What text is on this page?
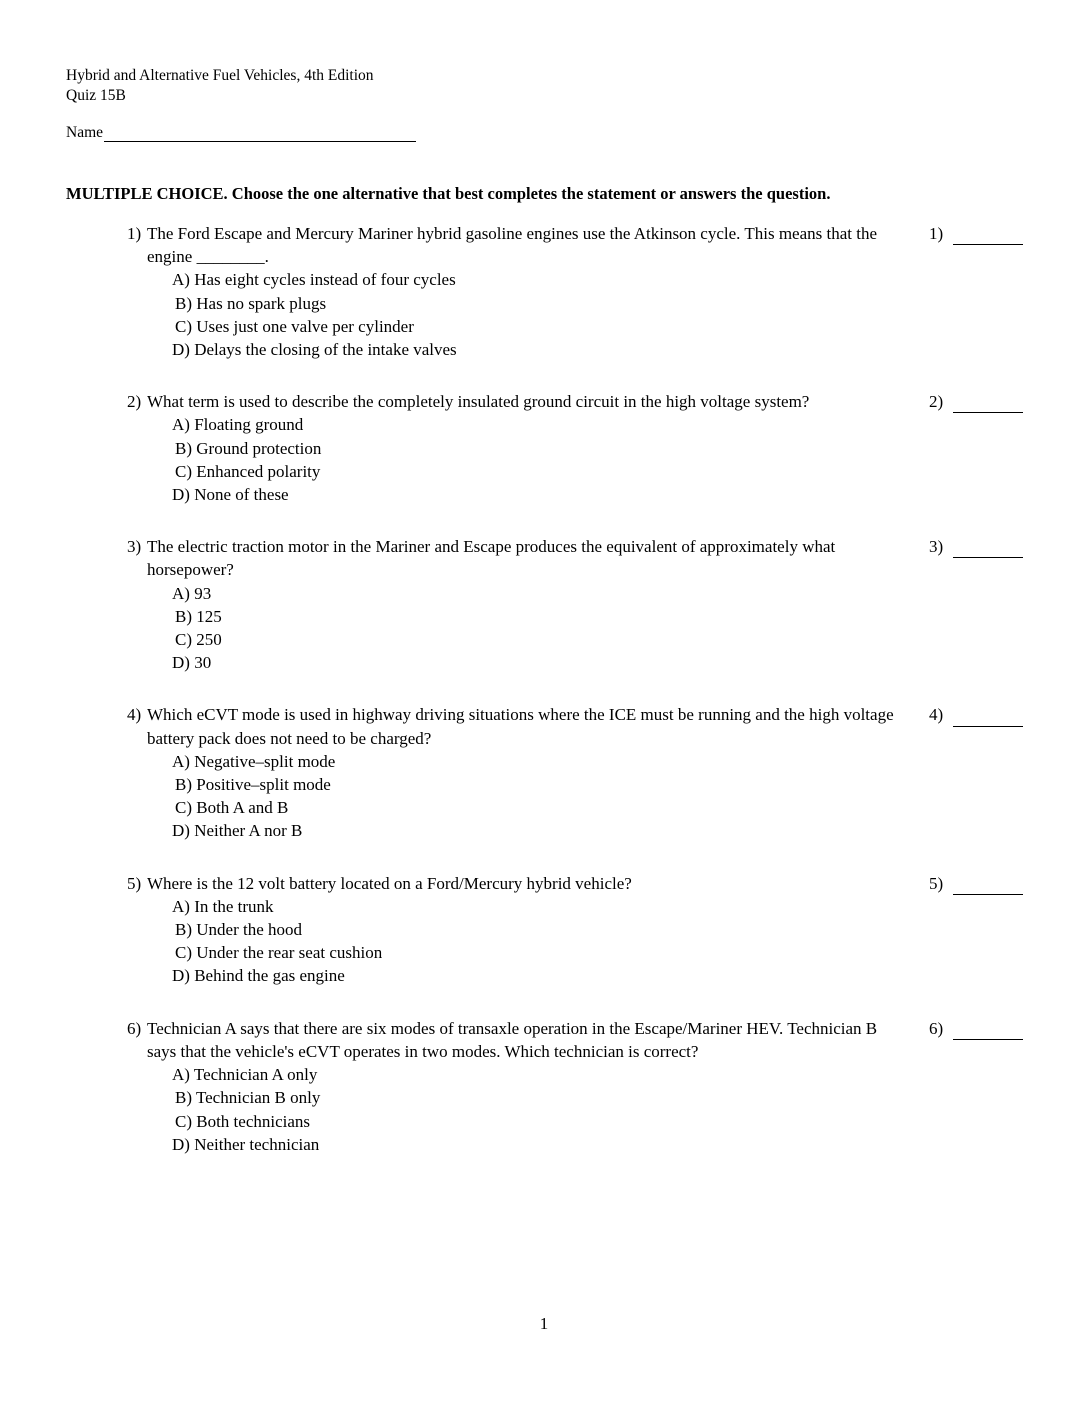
Hybrid and Alternative Fuel Vehicles, 4th Edition
Quiz 15B
Name
MULTIPLE CHOICE. Choose the one alternative that best completes the statement or answers the question.
1) The Ford Escape and Mercury Mariner hybrid gasoline engines use the Atkinson cycle. This means that the engine ________.
A) Has eight cycles instead of four cycles
B) Has no spark plugs
C) Uses just one valve per cylinder
D) Delays the closing of the intake valves
1)
2) What term is used to describe the completely insulated ground circuit in the high voltage system?
A) Floating ground
B) Ground protection
C) Enhanced polarity
D) None of these
2)
3) The electric traction motor in the Mariner and Escape produces the equivalent of approximately what horsepower?
A) 93
B) 125
C) 250
D) 30
3)
4) Which eCVT mode is used in highway driving situations where the ICE must be running and the high voltage battery pack does not need to be charged?
A) Negative–split mode
B) Positive–split mode
C) Both A and B
D) Neither A nor B
4)
5) Where is the 12 volt battery located on a Ford/Mercury hybrid vehicle?
A) In the trunk
B) Under the hood
C) Under the rear seat cushion
D) Behind the gas engine
5)
6) Technician A says that there are six modes of transaxle operation in the Escape/Mariner HEV. Technician B says that the vehicle's eCVT operates in two modes. Which technician is correct?
A) Technician A only
B) Technician B only
C) Both technicians
D) Neither technician
6)
1
